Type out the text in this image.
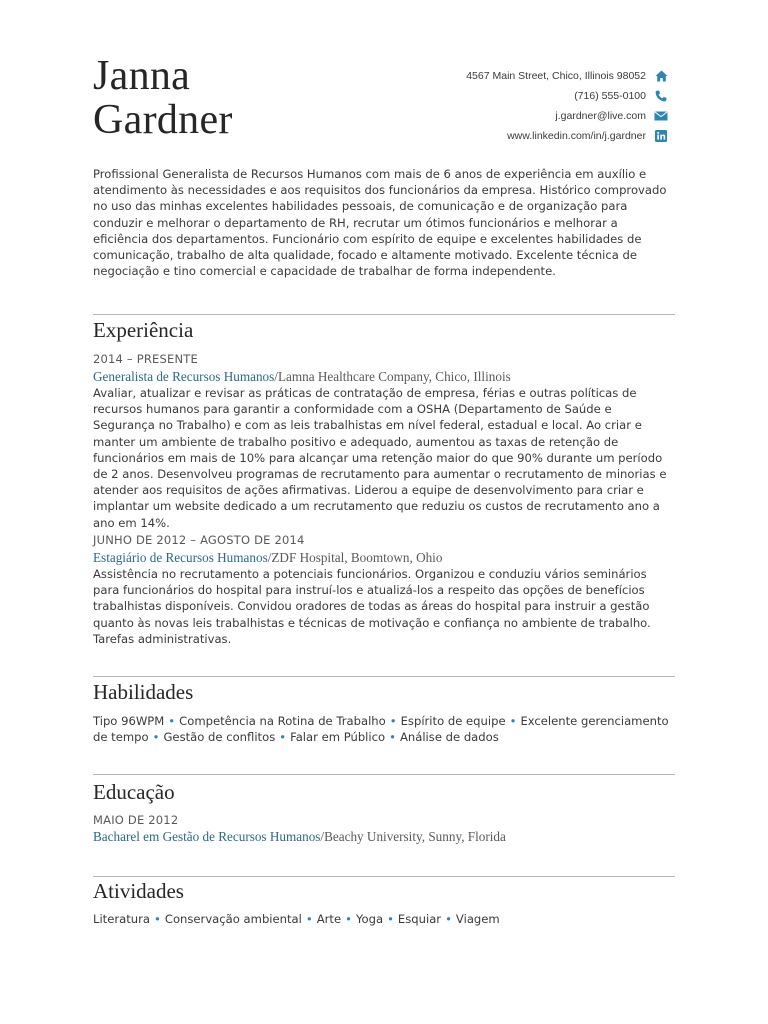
Janna
Gardner
4567 Main Street, Chico, Illinois 98052
(716) 555-0100
j.gardner@live.com
www.linkedin.com/in/j.gardner
Profissional Generalista de Recursos Humanos com mais de 6 anos de experiência em auxílio e atendimento às necessidades e aos requisitos dos funcionários da empresa. Histórico comprovado no uso das minhas excelentes habilidades pessoais, de comunicação e de organização para conduzir e melhorar o departamento de RH, recrutar um ótimos funcionários e melhorar a eficiência dos departamentos. Funcionário com espírito de equipe e excelentes habilidades de comunicação, trabalho de alta qualidade, focado e altamente motivado. Excelente técnica de negociação e tino comercial e capacidade de trabalhar de forma independente.
Experiência
2014 – PRESENTE
Generalista de Recursos Humanos/Lamna Healthcare Company, Chico, Illinois
Avaliar, atualizar e revisar as práticas de contratação de empresa, férias e outras políticas de recursos humanos para garantir a conformidade com a OSHA (Departamento de Saúde e Segurança no Trabalho) e com as leis trabalhistas em nível federal, estadual e local. Ao criar e manter um ambiente de trabalho positivo e adequado, aumentou as taxas de retenção de funcionários em mais de 10% para alcançar uma retenção maior do que 90% durante um período de 2 anos. Desenvolveu programas de recrutamento para aumentar o recrutamento de minorias e atender aos requisitos de ações afirmativas. Liderou a equipe de desenvolvimento para criar e implantar um website dedicado a um recrutamento que reduziu os custos de recrutamento ano a ano em 14%.
JUNHO DE 2012 – AGOSTO DE 2014
Estagiário de Recursos Humanos/ZDF Hospital, Boomtown, Ohio
Assistência no recrutamento a potenciais funcionários. Organizou e conduziu vários seminários para funcionários do hospital para instruí-los e atualizá-los a respeito das opções de benefícios trabalhistas disponíveis. Convidou oradores de todas as áreas do hospital para instruir a gestão quanto às novas leis trabalhistas e técnicas de motivação e confiança no ambiente de trabalho. Tarefas administrativas.
Habilidades
Tipo 96WPM • Competência na Rotina de Trabalho • Espírito de equipe • Excelente gerenciamento de tempo • Gestão de conflitos • Falar em Público • Análise de dados
Educação
MAIO DE 2012
Bacharel em Gestão de Recursos Humanos/Beachy University, Sunny, Florida
Atividades
Literatura • Conservação ambiental • Arte • Yoga • Esquiar • Viagem
